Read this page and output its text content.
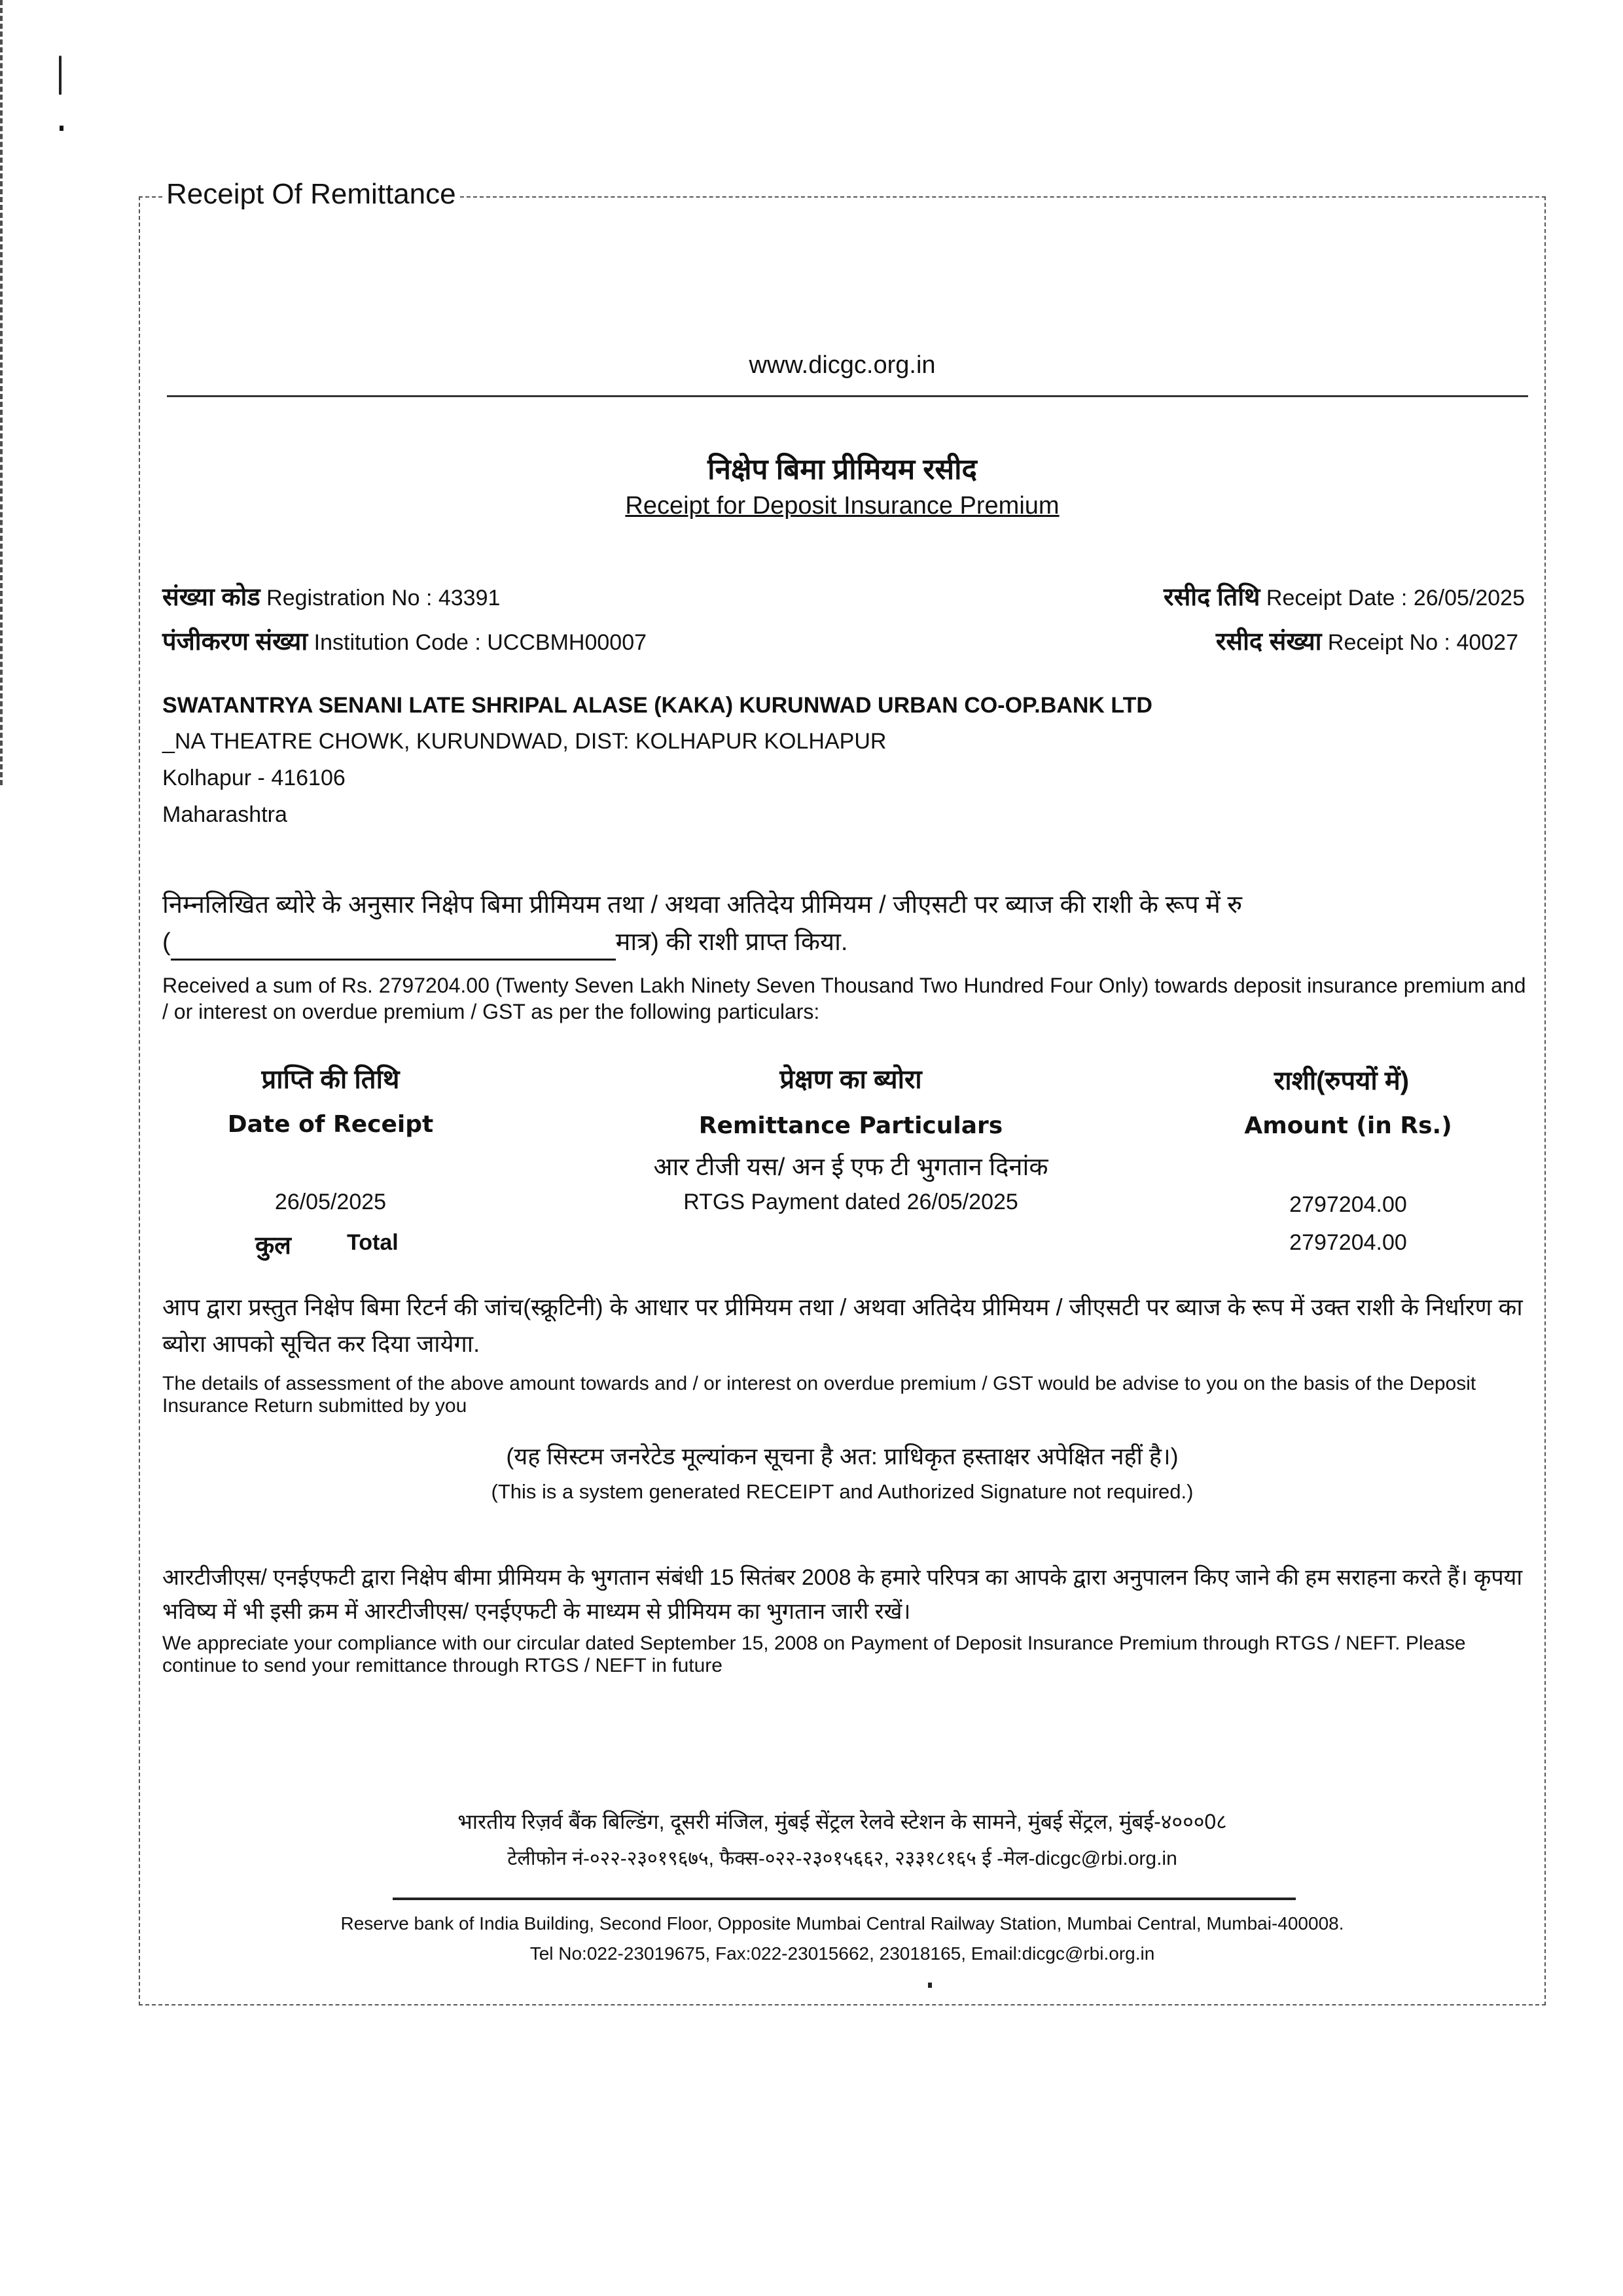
Receipt Of Remittance
www.dicgc.org.in
निक्षेप बिमा प्रीमियम रसीद
Receipt for Deposit Insurance Premium
संख्या कोड Registration No : 43391
पंजीकरण संख्या Institution Code : UCCBMH00007
रसीद तिथि Receipt Date : 26/05/2025
रसीद संख्या Receipt No : 40027
SWATANTRYA SENANI LATE SHRIPAL ALASE (KAKA) KURUNWAD URBAN CO-OP.BANK LTD
_NA THEATRE CHOWK, KURUNDWAD, DIST: KOLHAPUR KOLHAPUR
Kolhapur - 416106
Maharashtra
निम्नलिखित ब्योरे के अनुसार निक्षेप बिमा प्रीमियम तथा / अथवा अतिदेय प्रीमियम / जीएसटी पर ब्याज की राशी के रूप में रु
(	मात्र) की राशी प्राप्त किया.
Received a sum of Rs. 2797204.00 (Twenty Seven Lakh Ninety Seven Thousand Two Hundred Four Only) towards deposit insurance premium and / or interest on overdue premium / GST as per the following particulars:
प्राप्ति की तिथि	प्रेक्षण का ब्योरा	राशी(रुपयों में)
Date of Receipt	Remittance Particulars	Amount (in Rs.)
आर टीजी यस/ अन ई एफ टी भुगतान दिनांक
26/05/2025	RTGS Payment dated 26/05/2025	2797204.00
कुल	Total	2797204.00
आप द्वारा प्रस्तुत निक्षेप बिमा रिटर्न की जांच(स्क्रूटिनी) के आधार पर प्रीमियम तथा / अथवा अतिदेय प्रीमियम / जीएसटी पर ब्याज के रूप में उक्त राशी के निर्धारण का ब्योरा आपको सूचित कर दिया जायेगा.
The details of assessment of the above amount towards and / or interest on overdue premium / GST would be advise to you on the basis of the Deposit Insurance Return submitted by you
(यह सिस्टम जनरेटेड मूल्यांकन सूचना है अत: प्राधिकृत हस्ताक्षर अपेक्षित नहीं है।)
(This is a system generated RECEIPT and Authorized Signature not required.)
आरटीजीएस/ एनईएफटी द्वारा निक्षेप बीमा प्रीमियम के भुगतान संबंधी 15 सितंबर 2008 के हमारे परिपत्र का आपके द्वारा अनुपालन किए जाने की हम सराहना करते हैं। कृपया भविष्य में भी इसी क्रम में आरटीजीएस/ एनईएफटी के माध्यम से प्रीमियम का भुगतान जारी रखें।
We appreciate your compliance with our circular dated September 15, 2008 on Payment of Deposit Insurance Premium through RTGS / NEFT. Please continue to send your remittance through RTGS / NEFT in future
भारतीय रिज़र्व बैंक बिल्डिंग, दूसरी मंजिल, मुंबई सेंट्रल रेलवे स्टेशन के सामने, मुंबई सेंट्रल, मुंबई-४०००0८
टेलीफोन नं-०२२-२३०१९६७५, फैक्स-०२२-२३०१५६६२, २३३१८१६५ ई -मेल-dicgc@rbi.org.in
Reserve bank of India Building, Second Floor, Opposite Mumbai Central Railway Station, Mumbai Central, Mumbai-400008.
Tel No:022-23019675, Fax:022-23015662, 23018165, Email:dicgc@rbi.org.in
